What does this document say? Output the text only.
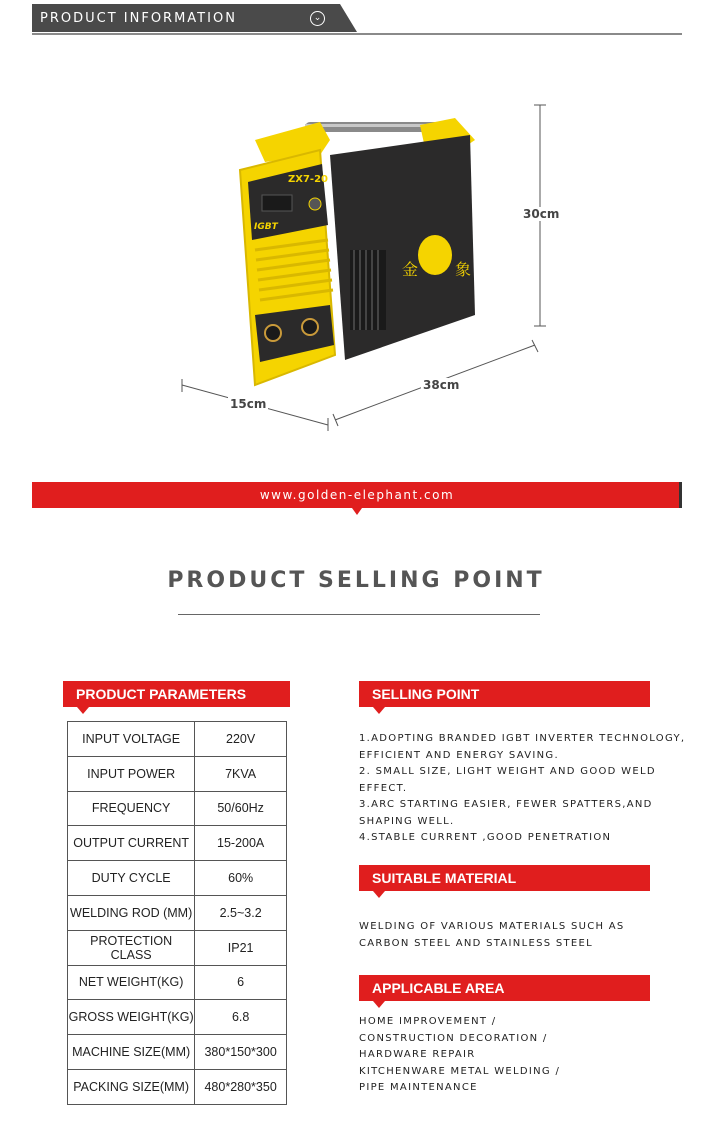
PRODUCT INFORMATION	⌄
金 象
ZX7-20
IGBT
30cm
38cm
15cm
www.golden-elephant.com
PRODUCT SELLING POINT
PRODUCT PARAMETERS
INPUT VOLTAGE	220V
INPUT POWER	7KVA
FREQUENCY	50/60Hz
OUTPUT CURRENT	15-200A
DUTY CYCLE	60%
WELDING ROD (MM)	2.5~3.2
PROTECTION CLASS	IP21
NET WEIGHT(KG)	6
GROSS WEIGHT(KG)	6.8
MACHINE SIZE(MM)	380*150*300
PACKING SIZE(MM)	480*280*350
SELLING POINT
1.ADOPTING BRANDED IGBT INVERTER TECHNOLOGY,
EFFICIENT AND ENERGY SAVING.
2. SMALL SIZE, LIGHT WEIGHT AND GOOD WELD
EFFECT.
3.ARC STARTING EASIER, FEWER SPATTERS,AND
SHAPING WELL.
4.STABLE CURRENT ,GOOD PENETRATION
SUITABLE MATERIAL
WELDING OF VARIOUS MATERIALS SUCH AS
CARBON STEEL AND STAINLESS STEEL
APPLICABLE AREA
HOME IMPROVEMENT /
CONSTRUCTION DECORATION /
HARDWARE REPAIR
KITCHENWARE METAL WELDING /
PIPE MAINTENANCE
